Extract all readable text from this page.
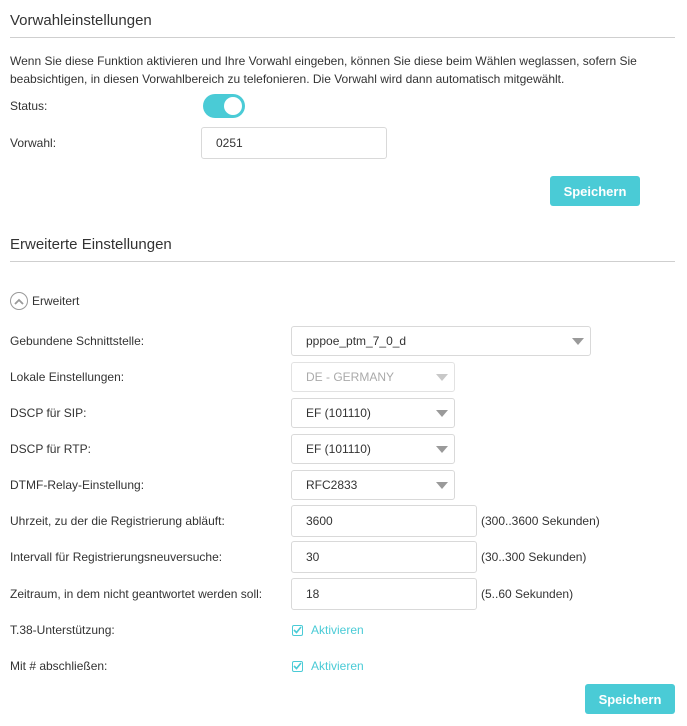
Vorwahleinstellungen
Wenn Sie diese Funktion aktivieren und Ihre Vorwahl eingeben, können Sie diese beim Wählen weglassen, sofern Sie beabsichtigen, in diesen Vorwahlbereich zu telefonieren. Die Vorwahl wird dann automatisch mitgewählt.
Status:
Vorwahl:	0251
Speichern
Erweiterte Einstellungen
Erweitert
Gebundene Schnittstelle:	pppoe_ptm_7_0_d
Lokale Einstellungen:	DE - GERMANY
DSCP für SIP:	EF (101110)
DSCP für RTP:	EF (101110)
DTMF-Relay-Einstellung:	RFC2833
Uhrzeit, zu der die Registrierung abläuft:	3600	(300..3600 Sekunden)
Intervall für Registrierungsneuversuche:	30	(30..300 Sekunden)
Zeitraum, in dem nicht geantwortet werden soll:	18	(5..60 Sekunden)
T.38-Unterstützung:	Aktivieren
Mit # abschließen:	Aktivieren
Speichern
